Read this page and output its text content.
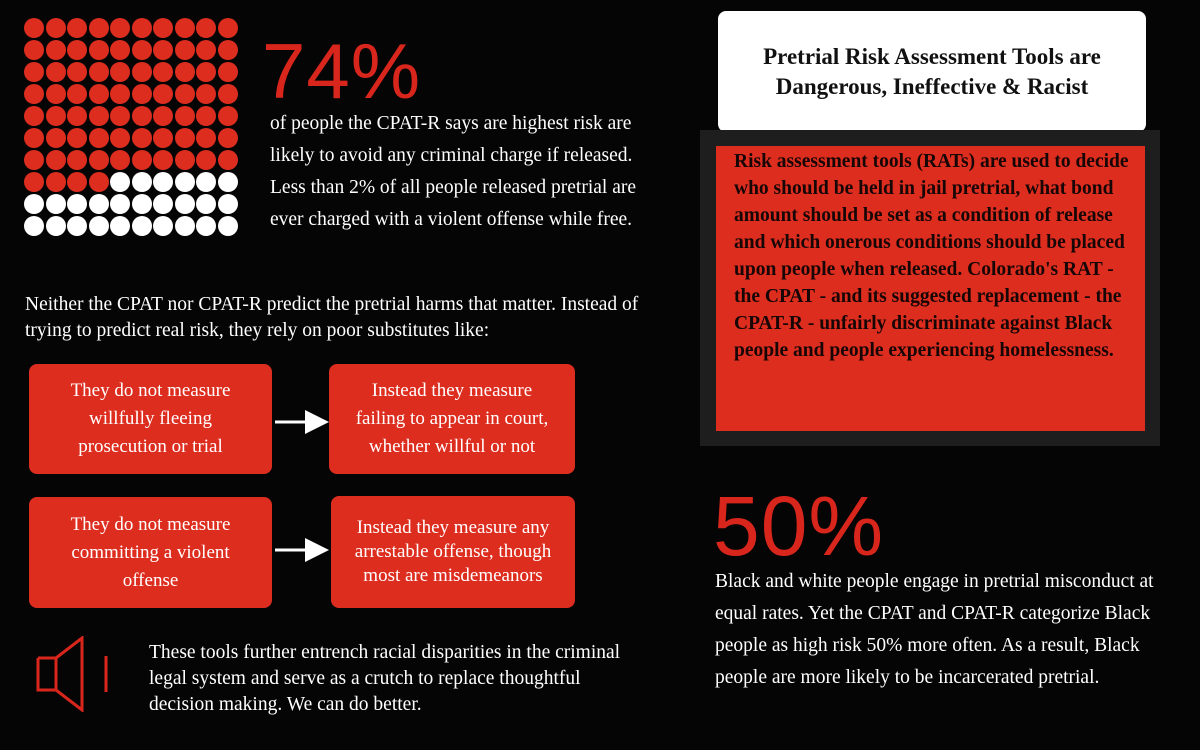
74%
of people the CPAT-R says are highest risk are likely to avoid any criminal charge if released. Less than 2% of all people released pretrial are ever charged with a violent offense while free.
Neither the CPAT nor CPAT-R predict the pretrial harms that matter. Instead of trying to predict real risk, they rely on poor substitutes like:
They do not measure willfully fleeing prosecution or trial
Instead they measure failing to appear in court, whether willful or not
They do not measure committing a violent offense
Instead they measure any arrestable offense, though most are misdemeanors
These tools further entrench racial disparities in the criminal legal system and serve as a crutch to replace thoughtful decision making. We can do better.
Pretrial Risk Assessment Tools are Dangerous, Ineffective & Racist
Risk assessment tools (RATs) are used to decide who should be held in jail pretrial, what bond amount should be set as a condition of release and which onerous conditions should be placed upon people when released. Colorado's RAT - the CPAT - and its suggested replacement - the CPAT-R - unfairly discriminate against Black people and people experiencing homelessness.
50%
Black and white people engage in pretrial misconduct at equal rates. Yet the CPAT and CPAT-R categorize Black people as high risk 50% more often. As a result, Black people are more likely to be incarcerated pretrial.
